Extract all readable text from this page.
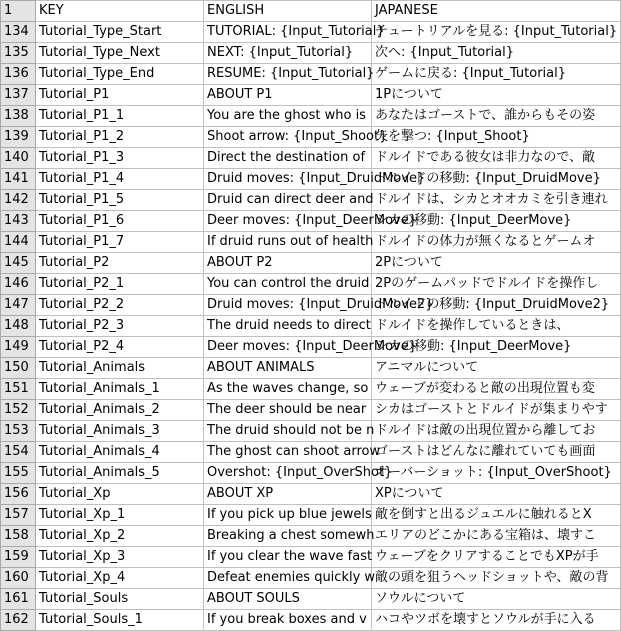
1	KEY	ENGLISH	JAPANESE
134	Tutorial_Type_Start	TUTORIAL: {Input_Tutorial}	チュートリアルを見る: {Input_Tutorial}
135	Tutorial_Type_Next	NEXT: {Input_Tutorial}	次へ: {Input_Tutorial}
136	Tutorial_Type_End	RESUME: {Input_Tutorial}	ゲームに戻る: {Input_Tutorial}
137	Tutorial_P1	ABOUT P1	1Pについて
138	Tutorial_P1_1	You are the ghost who is	あなたはゴーストで、誰からもその姿
139	Tutorial_P1_2	Shoot arrow: {Input_Shoot}	矢を撃つ: {Input_Shoot}
140	Tutorial_P1_3	Direct the destination of	ドルイドである彼女は非力なので、敵
141	Tutorial_P1_4	Druid moves: {Input_DruidMove}	ドルイドの移動: {Input_DruidMove}
142	Tutorial_P1_5	Druid can direct deer and	ドルイドは、シカとオオカミを引き連れ
143	Tutorial_P1_6	Deer moves: {Input_DeerMove}	シカの移動: {Input_DeerMove}
144	Tutorial_P1_7	If druid runs out of health	ドルイドの体力が無くなるとゲームオ
145	Tutorial_P2	ABOUT P2	2Pについて
146	Tutorial_P2_1	You can control the druid	2Pのゲームパッドでドルイドを操作し
147	Tutorial_P2_2	Druid moves: {Input_DruidMove2}	ドルイドの移動: {Input_DruidMove2}
148	Tutorial_P2_3	The druid needs to direct	ドルイドを操作しているときは、
149	Tutorial_P2_4	Deer moves: {Input_DeerMove}	シカの移動: {Input_DeerMove}
150	Tutorial_Animals	ABOUT ANIMALS	アニマルについて
151	Tutorial_Animals_1	As the waves change, so	ウェーブが変わると敵の出現位置も変
152	Tutorial_Animals_2	The deer should be near	シカはゴーストとドルイドが集まりやす
153	Tutorial_Animals_3	The druid should not be n	ドルイドは敵の出現位置から離してお
154	Tutorial_Animals_4	The ghost can shoot arrow	ゴーストはどんなに離れていても画面
155	Tutorial_Animals_5	Overshot: {Input_OverShot}	オーバーショット: {Input_OverShoot}
156	Tutorial_Xp	ABOUT XP	XPについて
157	Tutorial_Xp_1	If you pick up blue jewels	敵を倒すと出るジュエルに触れるとX
158	Tutorial_Xp_2	Breaking a chest somewh	エリアのどこかにある宝箱は、壊すこ
159	Tutorial_Xp_3	If you clear the wave fast	ウェーブをクリアすることでもXPが手
160	Tutorial_Xp_4	Defeat enemies quickly w	敵の頭を狙うヘッドショットや、敵の背
161	Tutorial_Souls	ABOUT SOULS	ソウルについて
162	Tutorial_Souls_1	If you break boxes and v	ハコやツボを壊すとソウルが手に入る
